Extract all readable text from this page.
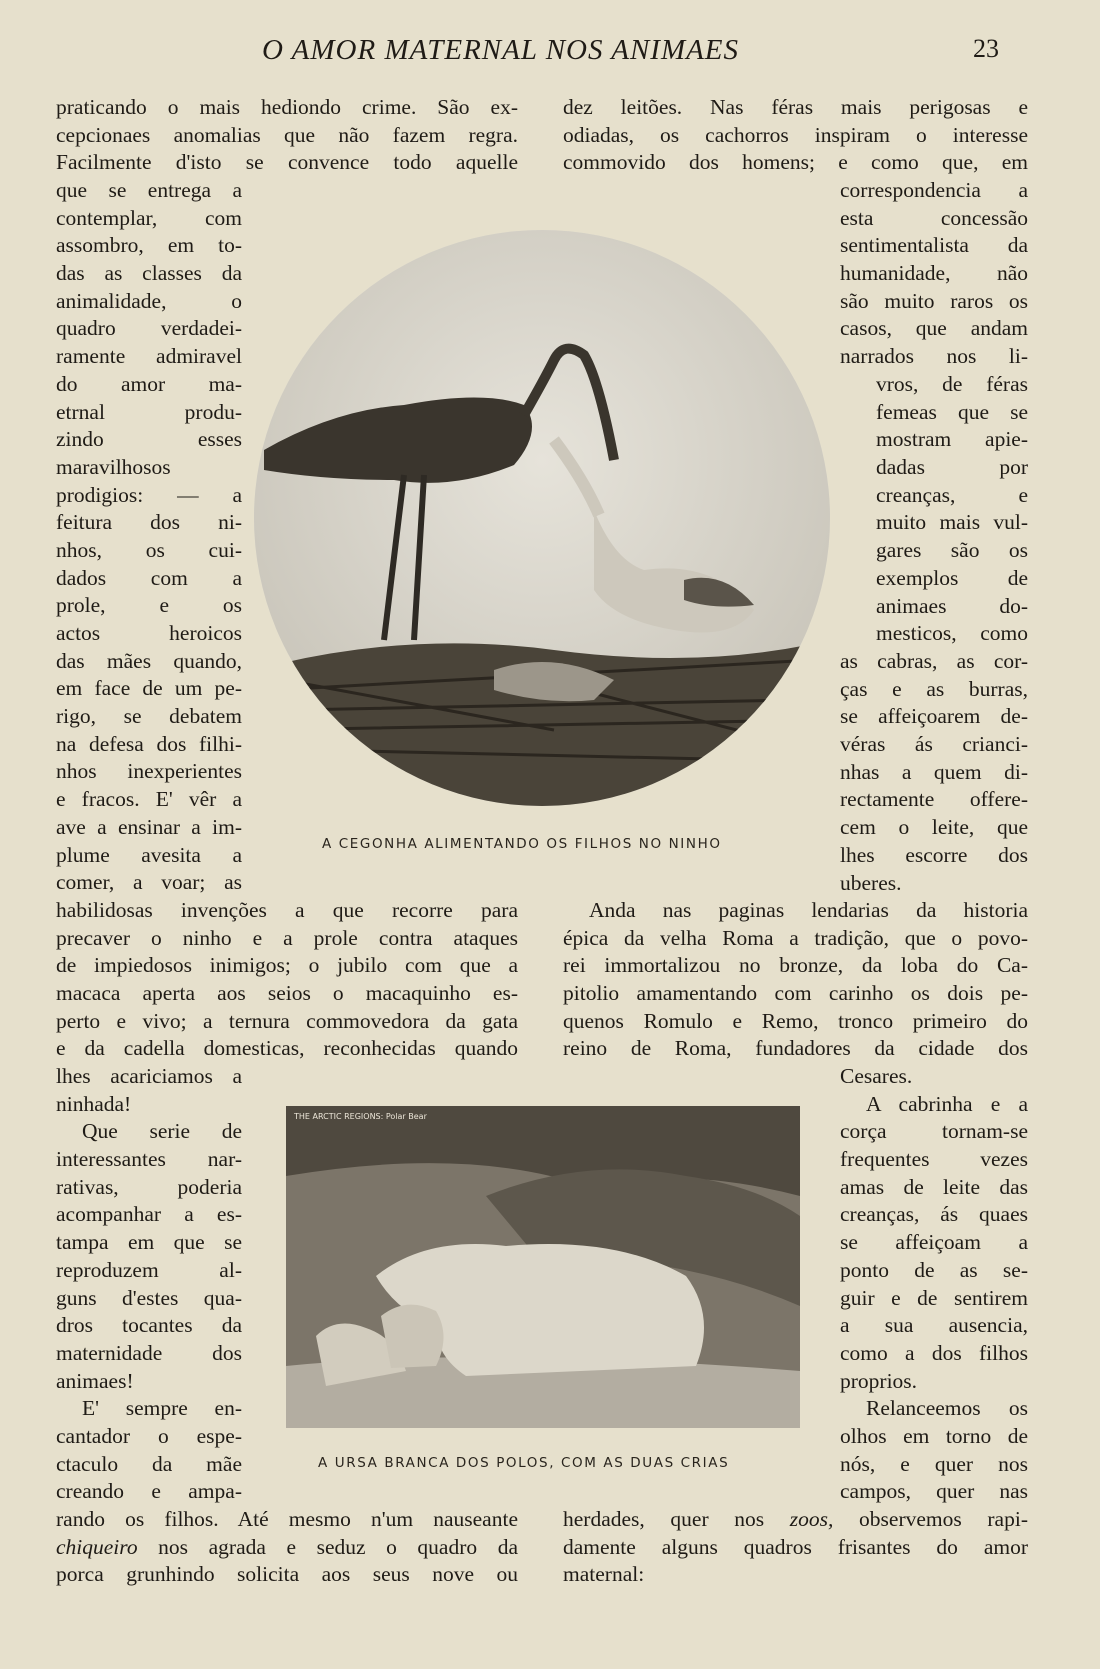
O AMOR MATERNAL NOS ANIMAES	23
praticando o mais hediondo crime. São ex-
cepcionaes anomalias que não fazem regra.
Facilmente d'isto se convence todo aquelle
que se entrega a
contemplar, com
assombro, em to-
das as classes da
animalidade, o
quadro verdadei-
ramente admiravel
do amor ma-
etrnal produ-
zindo esses
maravilhosos
prodigios: — a
feitura dos ni-
nhos, os cui-
dados com a
prole, e os
actos heroicos
das mães quando,
em face de um pe-
rigo, se debatem
na defesa dos filhi-
nhos inexperientes
e fracos. E' vêr a
ave a ensinar a im-
plume avesita a
comer, a voar; as
habilidosas invenções a que recorre para
precaver o ninho e a prole contra ataques
de impiedosos inimigos; o jubilo com que a
macaca aperta aos seios o macaquinho es-
perto e vivo; a ternura commovedora da gata
e da cadella domesticas, reconhecidas quando
lhes acariciamos a
ninhada!
Que serie de
interessantes nar-
rativas, poderia
acompanhar a es-
tampa em que se
reproduzem al-
guns d'estes qua-
dros tocantes da
maternidade dos
animaes!
E' sempre en-
cantador o espe-
ctaculo da mãe
creando e ampa-
rando os filhos. Até mesmo n'um nauseante
chiqueiro nos agrada e seduz o quadro da
porca grunhindo solicita aos seus nove ou
dez leitões. Nas féras mais perigosas e
odiadas, os cachorros inspiram o interesse
commovido dos homens; e como que, em
correspondencia a
esta concessão
sentimentalista da
humanidade, não
são muito raros os
casos, que andam
narrados nos li-
vros, de féras
femeas que se
mostram apie-
dadas por
creanças, e
muito mais vul-
gares são os
exemplos de
animaes do-
mesticos, como
as cabras, as cor-
ças e as burras,
se affeiçoarem de-
véras ás crianci-
nhas a quem di-
rectamente offere-
cem o leite, que
lhes escorre dos
uberes.
Anda nas paginas lendarias da historia
épica da velha Roma a tradição, que o povo-
rei immortalizou no bronze, da loba do Ca-
pitolio amamentando com carinho os dois pe-
quenos Romulo e Remo, tronco primeiro do
reino de Roma, fundadores da cidade dos
Cesares.
A cabrinha e a
corça tornam-se
frequentes vezes
amas de leite das
creanças, ás quaes
se affeiçoam a
ponto de as se-
guir e de sentirem
a sua ausencia,
como a dos filhos
proprios.
Relanceemos os
olhos em torno de
nós, e quer nos
campos, quer nas
herdades, quer nos zoos, observemos rapi-
damente alguns quadros frisantes do amor
maternal:
A CEGONHA ALIMENTANDO OS FILHOS NO NINHO
THE ARCTIC REGIONS: Polar Bear
A URSA BRANCA DOS POLOS, COM AS DUAS CRIAS
